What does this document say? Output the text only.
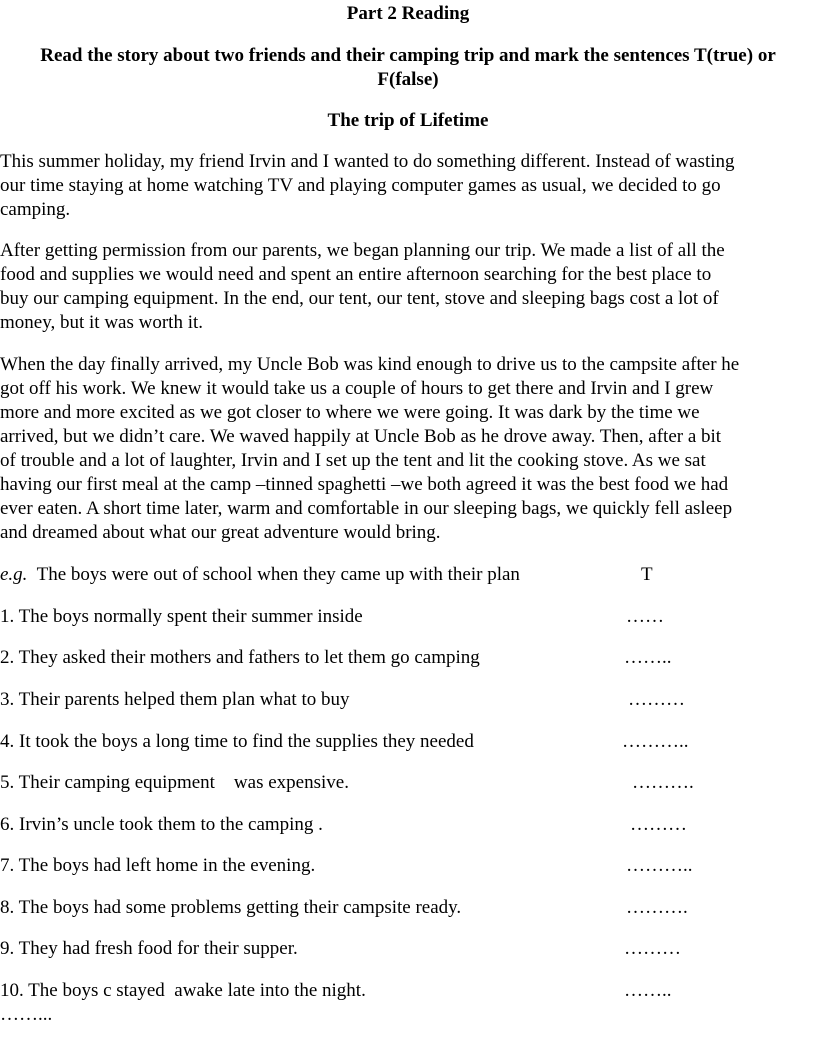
Part 2 Reading
Read the story about two friends and their camping trip and mark the sentences T(true) or
F(false)
The trip of Lifetime

This summer holiday, my friend Irvin and I wanted to do something different. Instead of wasting
our time staying at home watching TV and playing computer games as usual, we decided to go
camping.

After getting permission from our parents, we began planning our trip. We made a list of all the
food and supplies we would need and spent an entire afternoon searching for the best place to
buy our camping equipment. In the end, our tent, our tent, stove and sleeping bags cost a lot of
money, but it was worth it.

When the day finally arrived, my Uncle Bob was kind enough to drive us to the campsite after he
got off his work. We knew it would take us a couple of hours to get there and Irvin and I grew
more and more excited as we got closer to where we were going. It was dark by the time we
arrived, but we didn’t care. We waved happily at Uncle Bob as he drove away. Then, after a bit
of trouble and a lot of laughter, Irvin and I set up the tent and lit the cooking stove. As we sat
having our first meal at the camp –tinned spaghetti –we both agreed it was the best food we had
ever eaten. A short time later, warm and comfortable in our sleeping bags, we quickly fell asleep
and dreamed about what our great adventure would bring.

e.g.  The boys were out of school when they came up with their plan	T
1. The boys normally spent their summer inside	……
2. They asked their mothers and fathers to let them go camping	……..
3. Their parents helped them plan what to buy	………
4. It took the boys a long time to find the supplies they needed	………..
5. Their camping equipment    was expensive.	……….
6. Irvin’s uncle took them to the camping .	………
7. The boys had left home in the evening.	………..
8. The boys had some problems getting their campsite ready.	……….
9. They had fresh food for their supper.	………
10. The boys c stayed  awake late into the night.	……..
……...
